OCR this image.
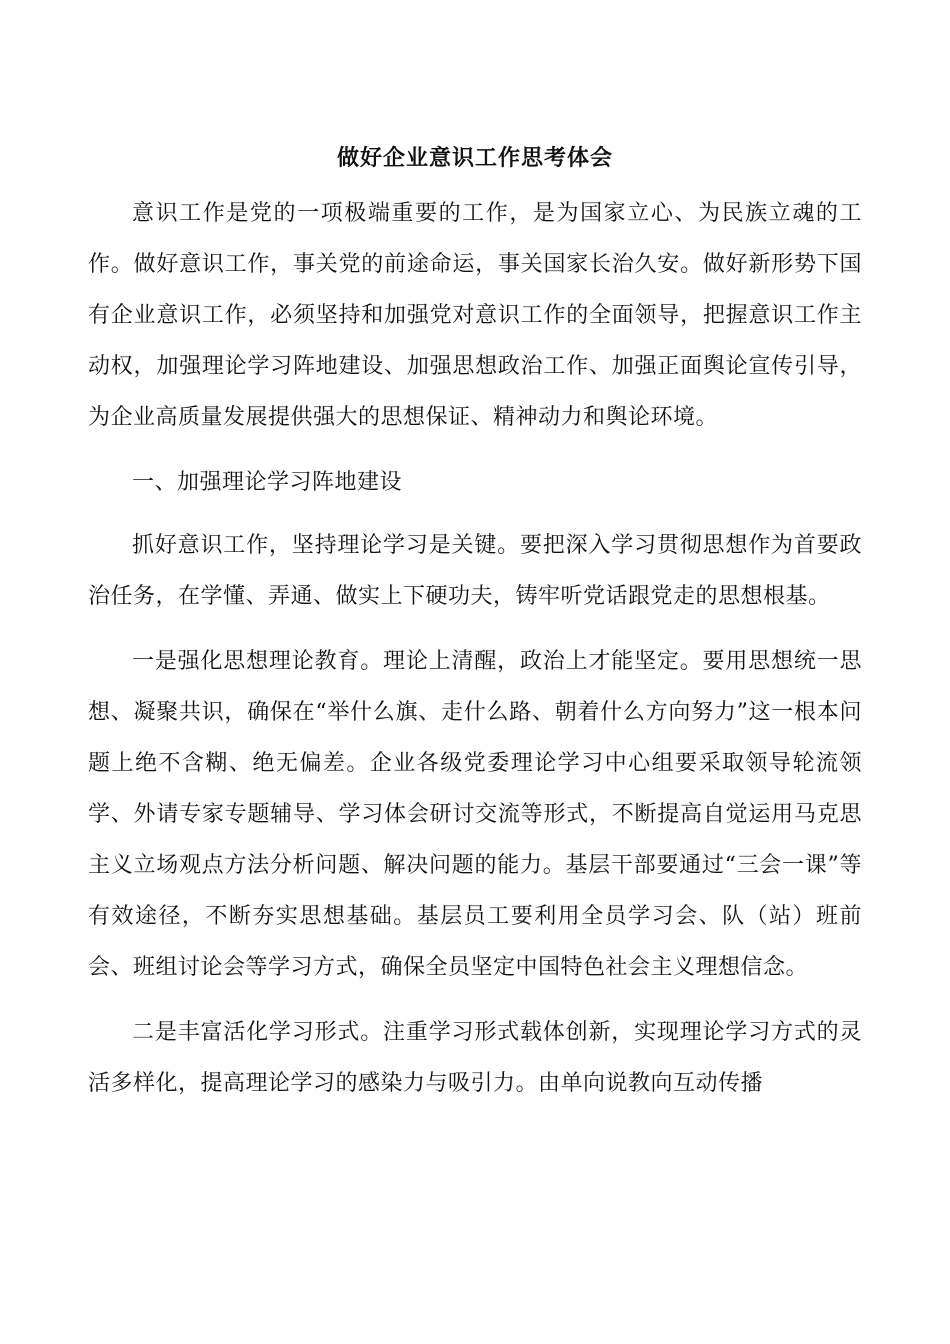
做好企业意识工作思考体会

意识工作是党的一项极端重要的工作，是为国家立心、为民族立魂的工作。做好意识工作，事关党的前途命运，事关国家长治久安。做好新形势下国有企业意识工作，必须坚持和加强党对意识工作的全面领导，把握意识工作主动权，加强理论学习阵地建设、加强思想政治工作、加强正面舆论宣传引导，为企业高质量发展提供强大的思想保证、精神动力和舆论环境。

一、加强理论学习阵地建设

抓好意识工作，坚持理论学习是关键。要把深入学习贯彻思想作为首要政治任务，在学懂、弄通、做实上下硬功夫，铸牢听党话跟党走的思想根基。

一是强化思想理论教育。理论上清醒，政治上才能坚定。要用思想统一思想、凝聚共识，确保在“举什么旗、走什么路、朝着什么方向努力”这一根本问题上绝不含糊、绝无偏差。企业各级党委理论学习中心组要采取领导轮流领学、外请专家专题辅导、学习体会研讨交流等形式，不断提高自觉运用马克思主义立场观点方法分析问题、解决问题的能力。基层干部要通过“三会一课”等有效途径，不断夯实思想基础。基层员工要利用全员学习会、队（站）班前会、班组讨论会等学习方式，确保全员坚定中国特色社会主义理想信念。

二是丰富活化学习形式。注重学习形式载体创新，实现理论学习方式的灵活多样化，提高理论学习的感染力与吸引力。由单向说教向互动传播
